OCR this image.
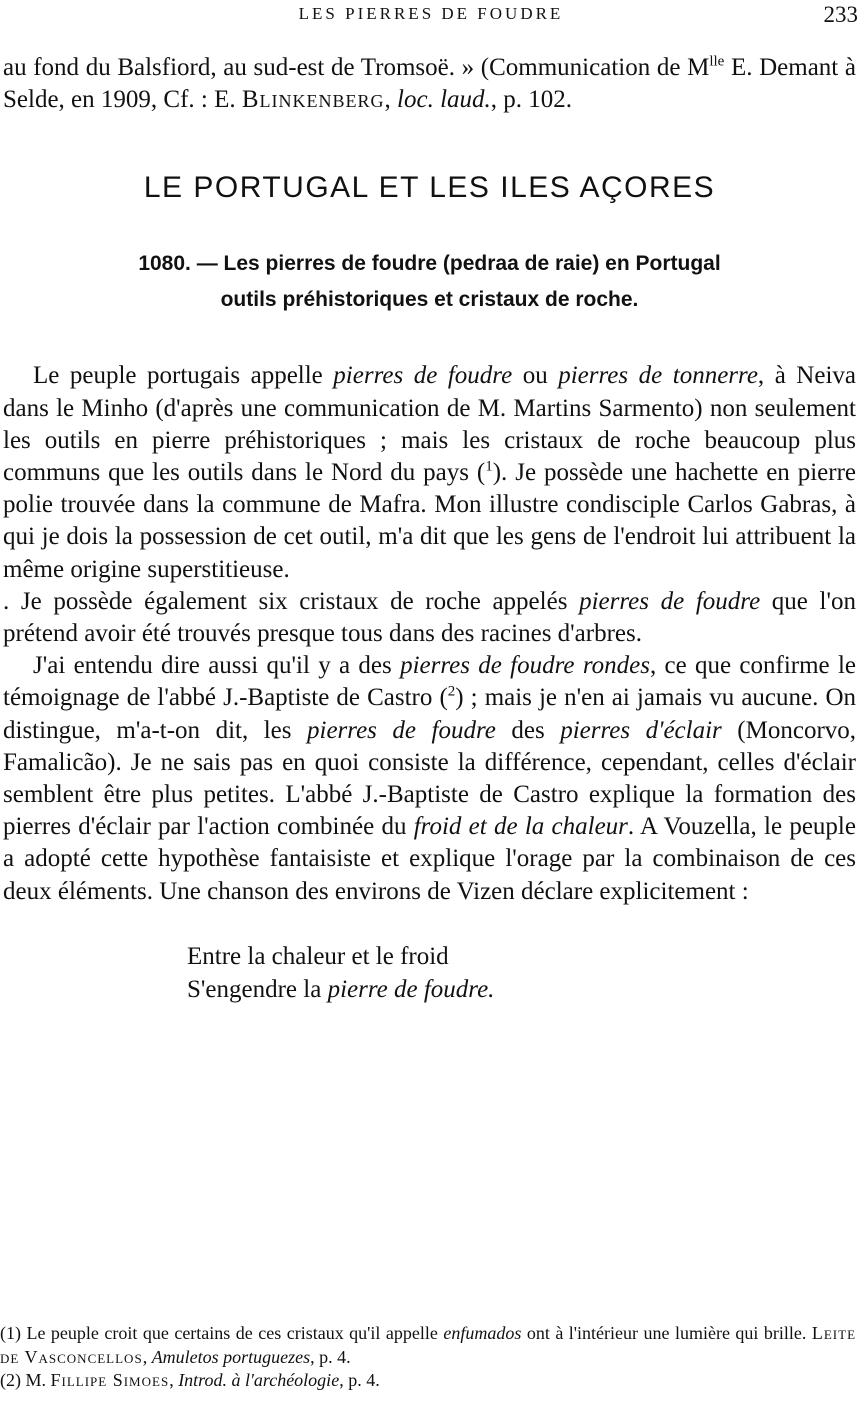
LES PIERRES DE FOUDRE	233

au fond du Balsfiord, au sud-est de Tromsoë. » (Communication de $M^{lle}$ E. Demant à Selde, en 1909, Cf. : E. Blinkenberg, loc. laud., p. 102.

LE PORTUGAL ET LES ILES AÇORES

1080. — Les pierres de foudre (pedraa de raie) en Portugal
outils préhistoriques et cristaux de roche.

Le peuple portugais appelle pierres de foudre ou pierres de tonnerre, à Neiva dans le Minho (d'après une communication de M. Martins Sarmento) non seulement les outils en pierre préhistoriques ; mais les cristaux de roche beaucoup plus communs que les outils dans le Nord du pays ($^1$). Je possède une hachette en pierre polie trouvée dans la commune de Mafra. Mon illustre condisciple Carlos Gabras, à qui je dois la possession de cet outil, m'a dit que les gens de l'endroit lui attribuent la même origine superstitieuse.

. Je possède également six cristaux de roche appelés pierres de foudre que l'on prétend avoir été trouvés presque tous dans des racines d'arbres.

J'ai entendu dire aussi qu'il y a des pierres de foudre rondes, ce que confirme le témoignage de l'abbé J.-Baptiste de Castro ($^2$) ; mais je n'en ai jamais vu aucune. On distingue, m'a-t-on dit, les pierres de foudre des pierres d'éclair (Moncorvo, Famalicão). Je ne sais pas en quoi consiste la différence, cependant, celles d'éclair semblent être plus petites. L'abbé J.-Baptiste de Castro explique la formation des pierres d'éclair par l'action combinée du froid et de la chaleur. A Vouzella, le peuple a adopté cette hypothèse fantaisiste et explique l'orage par la combinaison de ces deux éléments. Une chanson des environs de Vizen déclare explicitement :

Entre la chaleur et le froid
S'engendre la pierre de foudre.

(1) Le peuple croit que certains de ces cristaux qu'il appelle enfumados ont à l'intérieur une lumière qui brille. Leite de Vasconcellos, Amuletos portuguezes, p. 4.

(2) M. Fillipe Simoes, Introd. à l'archéologie, p. 4.
